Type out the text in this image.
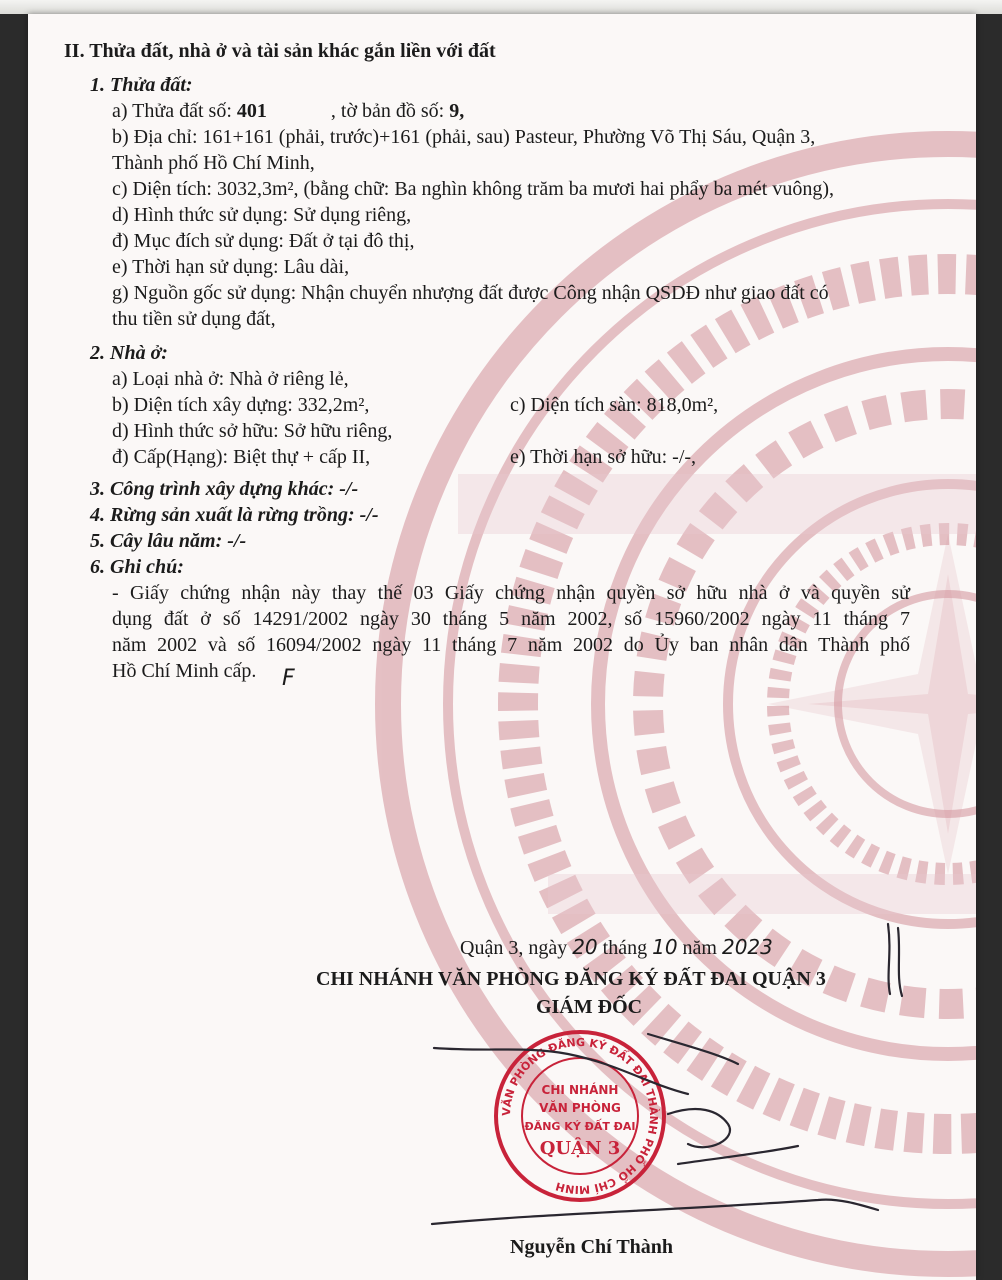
II. Thửa đất, nhà ở và tài sản khác gắn liền với đất
1. Thửa đất:
a) Thửa đất số: 401	, tờ bản đồ số: 9,
b) Địa chỉ: 161+161 (phải, trước)+161 (phải, sau) Pasteur, Phường Võ Thị Sáu, Quận 3,
Thành phố Hồ Chí Minh,
c) Diện tích: 3032,3m², (bằng chữ: Ba nghìn không trăm ba mươi hai phẩy ba mét vuông),
d) Hình thức sử dụng: Sử dụng riêng,
đ) Mục đích sử dụng: Đất ở tại đô thị,
e) Thời hạn sử dụng: Lâu dài,
g) Nguồn gốc sử dụng: Nhận chuyển nhượng đất được Công nhận QSDĐ như giao đất có
thu tiền sử dụng đất,
2. Nhà ở:
a) Loại nhà ở: Nhà ở riêng lẻ,
b) Diện tích xây dựng: 332,2m²,	c) Diện tích sàn: 818,0m²,
d) Hình thức sở hữu: Sở hữu riêng,
đ) Cấp(Hạng): Biệt thự + cấp II,	e) Thời hạn sở hữu: -/-,
3. Công trình xây dựng khác: -/-
4. Rừng sản xuất là rừng trồng: -/-
5. Cây lâu năm: -/-
6. Ghi chú:
- Giấy chứng nhận này thay thế 03 Giấy chứng nhận quyền sở hữu nhà ở và quyền sử
dụng đất ở số 14291/2002 ngày 30 tháng 5 năm 2002, số 15960/2002 ngày 11 tháng 7
năm 2002 và số 16094/2002 ngày 11 tháng 7 năm 2002 do Ủy ban nhân dân Thành phố
Hồ Chí Minh cấp. F
Quận 3, ngày 20 tháng 10 năm 2023
CHI NHÁNH VĂN PHÒNG ĐĂNG KÝ ĐẤT ĐAI QUẬN 3
GIÁM ĐỐC
VĂN PHÒNG ĐĂNG KÝ ĐẤT ĐAI THÀNH PHỐ HỒ CHÍ MINH
CHI NHÁNH
VĂN PHÒNG
ĐĂNG KÝ ĐẤT ĐAI
QUẬN 3
Nguyễn Chí Thành
